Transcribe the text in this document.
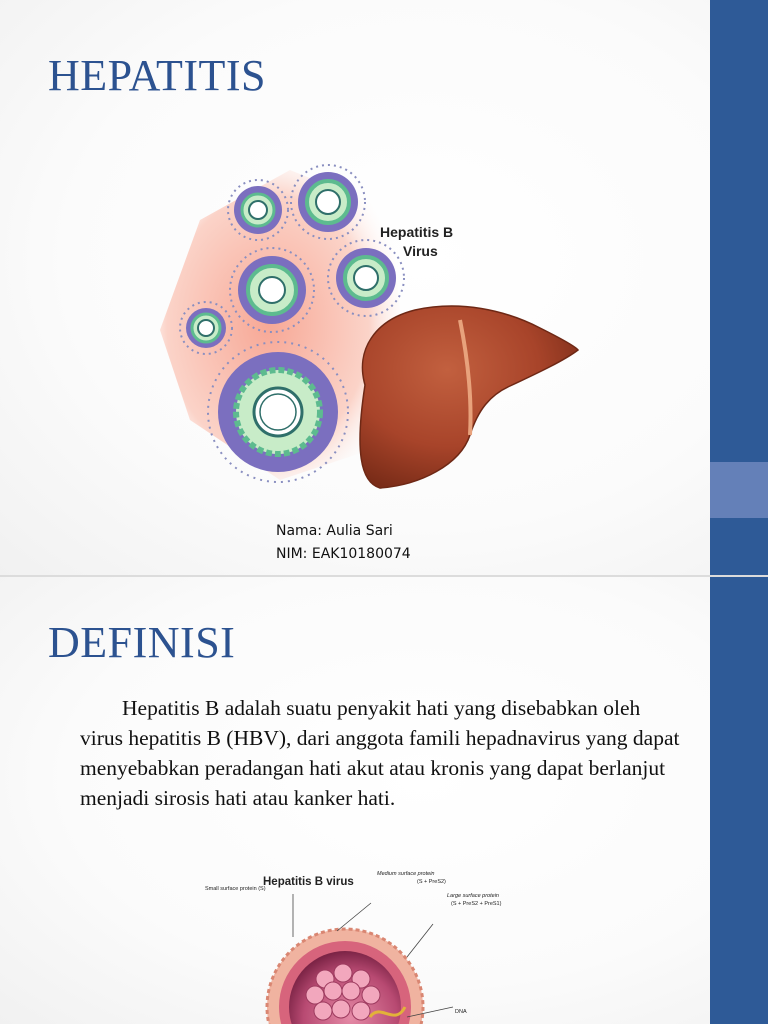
HEPATITIS
Hepatitis B
Virus
Nama: Aulia Sari
NIM: EAK10180074
DEFINISI

Hepatitis B adalah suatu penyakit hati yang disebabkan oleh virus hepatitis B (HBV), dari anggota famili hepadnavirus yang dapat menyebabkan peradangan hati akut atau kronis yang dapat berlanjut menjadi sirosis hati atau kanker hati.

Hepatitis B virus
Small surface protein (S)
Medium surface protein
(S + PreS2)
Large surface protein
(S + PreS2 + PreS1)
DNA
